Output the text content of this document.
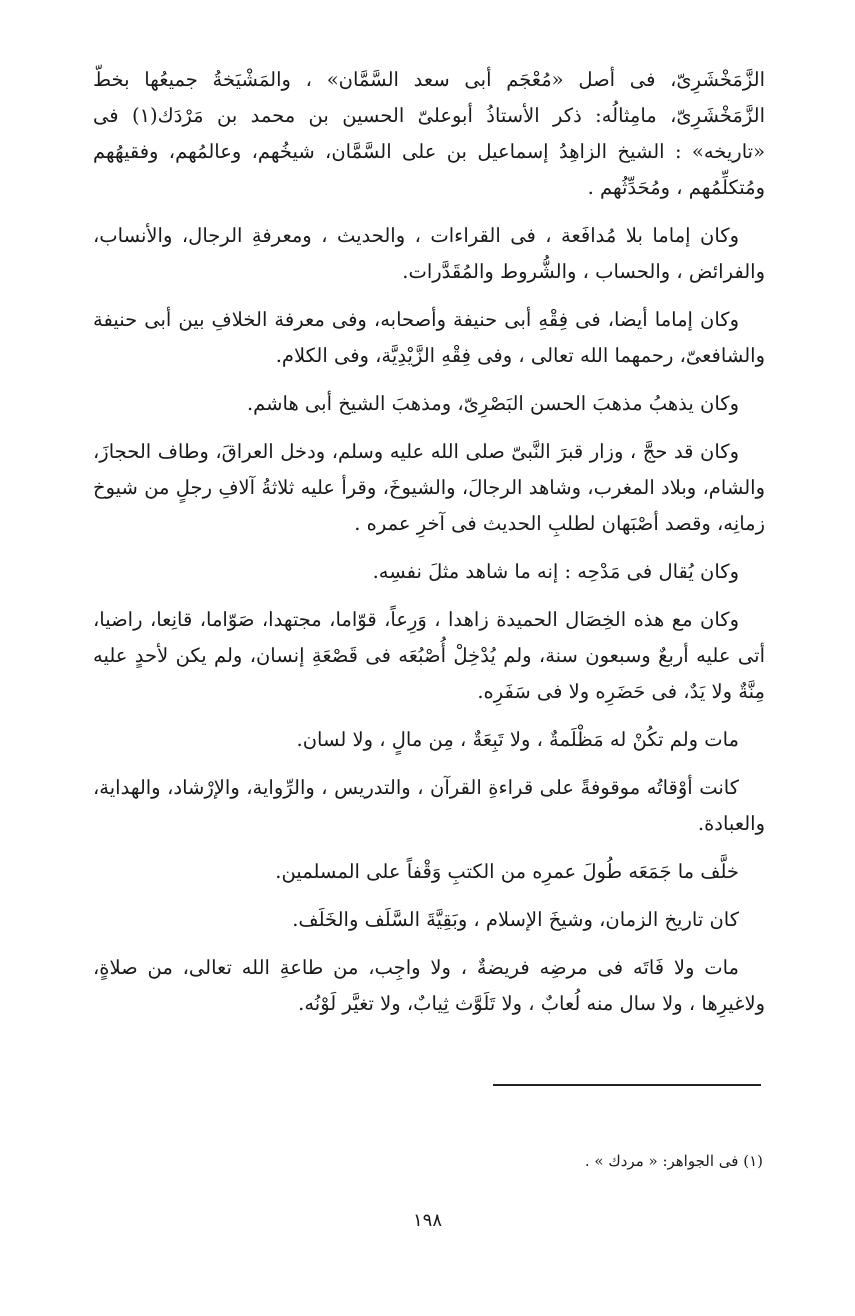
الزَّمَخْشَرِىّ، فى أصل «مُعْجَم أبى سعد السَّمَّان» ، والمَشْيَخةُ جميعُها بخطّ الزَّمَخْشَرِىّ، مامِثالُه: ذكر الأستاذُ أبوعلىّ الحسين بن محمد بن مَرْدَك(١) فى «تاريخه» : الشيخ الزاهِدُ إسماعيل بن على السَّمَّان، شيخُهم، وعالمُهم، وفقيهُهم ومُتكلِّمُهم ، ومُحَدِّثُهم .

وكان إماما بلا مُدافَعة ، فى القراءات ، والحديث ، ومعرفةِ الرجال، والأنساب، والفرائض ، والحساب ، والشُّروط والمُقَدَّرات.

وكان إماما أيضا، فى فِقْهِ أبى حنيفة وأصحابه، وفى معرفة الخلافِ بين أبى حنيفة والشافعىّ، رحمهما الله تعالى ، وفى فِقْهِ الزَّيْدِيَّة، وفى الكلام.

وكان يذهبُ مذهبَ الحسن البَصْرِىّ، ومذهبَ الشيخ أبى هاشم.

وكان قد حجَّ ، وزار قبرَ النَّبىّ صلى الله عليه وسلم، ودخل العراقَ، وطاف الحجازَ، والشام، وبلاد المغرب، وشاهد الرجالَ، والشيوخَ، وقرأ عليه ثلاثةُ آلافِ رجلٍ من شيوخ زمانِه، وقصد أصْبَهان لطلبِ الحديث فى آخرِ عمره .

وكان يُقال فى مَدْحِه : إنه ما شاهد مثلَ نفسِه.

وكان مع هذه الخِصَال الحميدة زاهدا ، وَرِعاً، قوّاما، مجتهدا، صَوّاما، قانِعا، راضيا، أتى عليه أربعٌ وسبعون سنة، ولم يُدْخِلْ أُصْبُعَه فى قَصْعَةِ إنسان، ولم يكن لأحدٍ عليه مِنَّةٌ ولا يَدٌ، فى حَضَرِه ولا فى سَفَرِه.

مات ولم تكُنْ له مَظْلَمةٌ ، ولا تَبِعَةٌ ، مِن مالٍ ، ولا لسان.

كانت أوْقاتُه موقوفةً على قراءةِ القرآن ، والتدريس ، والرِّواية، والإرْشاد، والهداية، والعبادة.

خلَّف ما جَمَعَه طُولَ عمرِه من الكتبِ وَقْفاً على المسلمين.

كان تاريخ الزمان، وشيخَ الإسلام ، وبَقِيَّةَ السَّلَف والخَلَف.

مات ولا فَاتَه فى مرضِه فريضةٌ ، ولا واجِب، من طاعةِ الله تعالى، من صلاةٍ، ولاغيرِها ، ولا سال منه لُعابٌ ، ولا تَلَوَّث ثِيابٌ، ولا تغيَّر لَوْنُه.

(١) فى الجواهر: « مردك » .
١٩٨
